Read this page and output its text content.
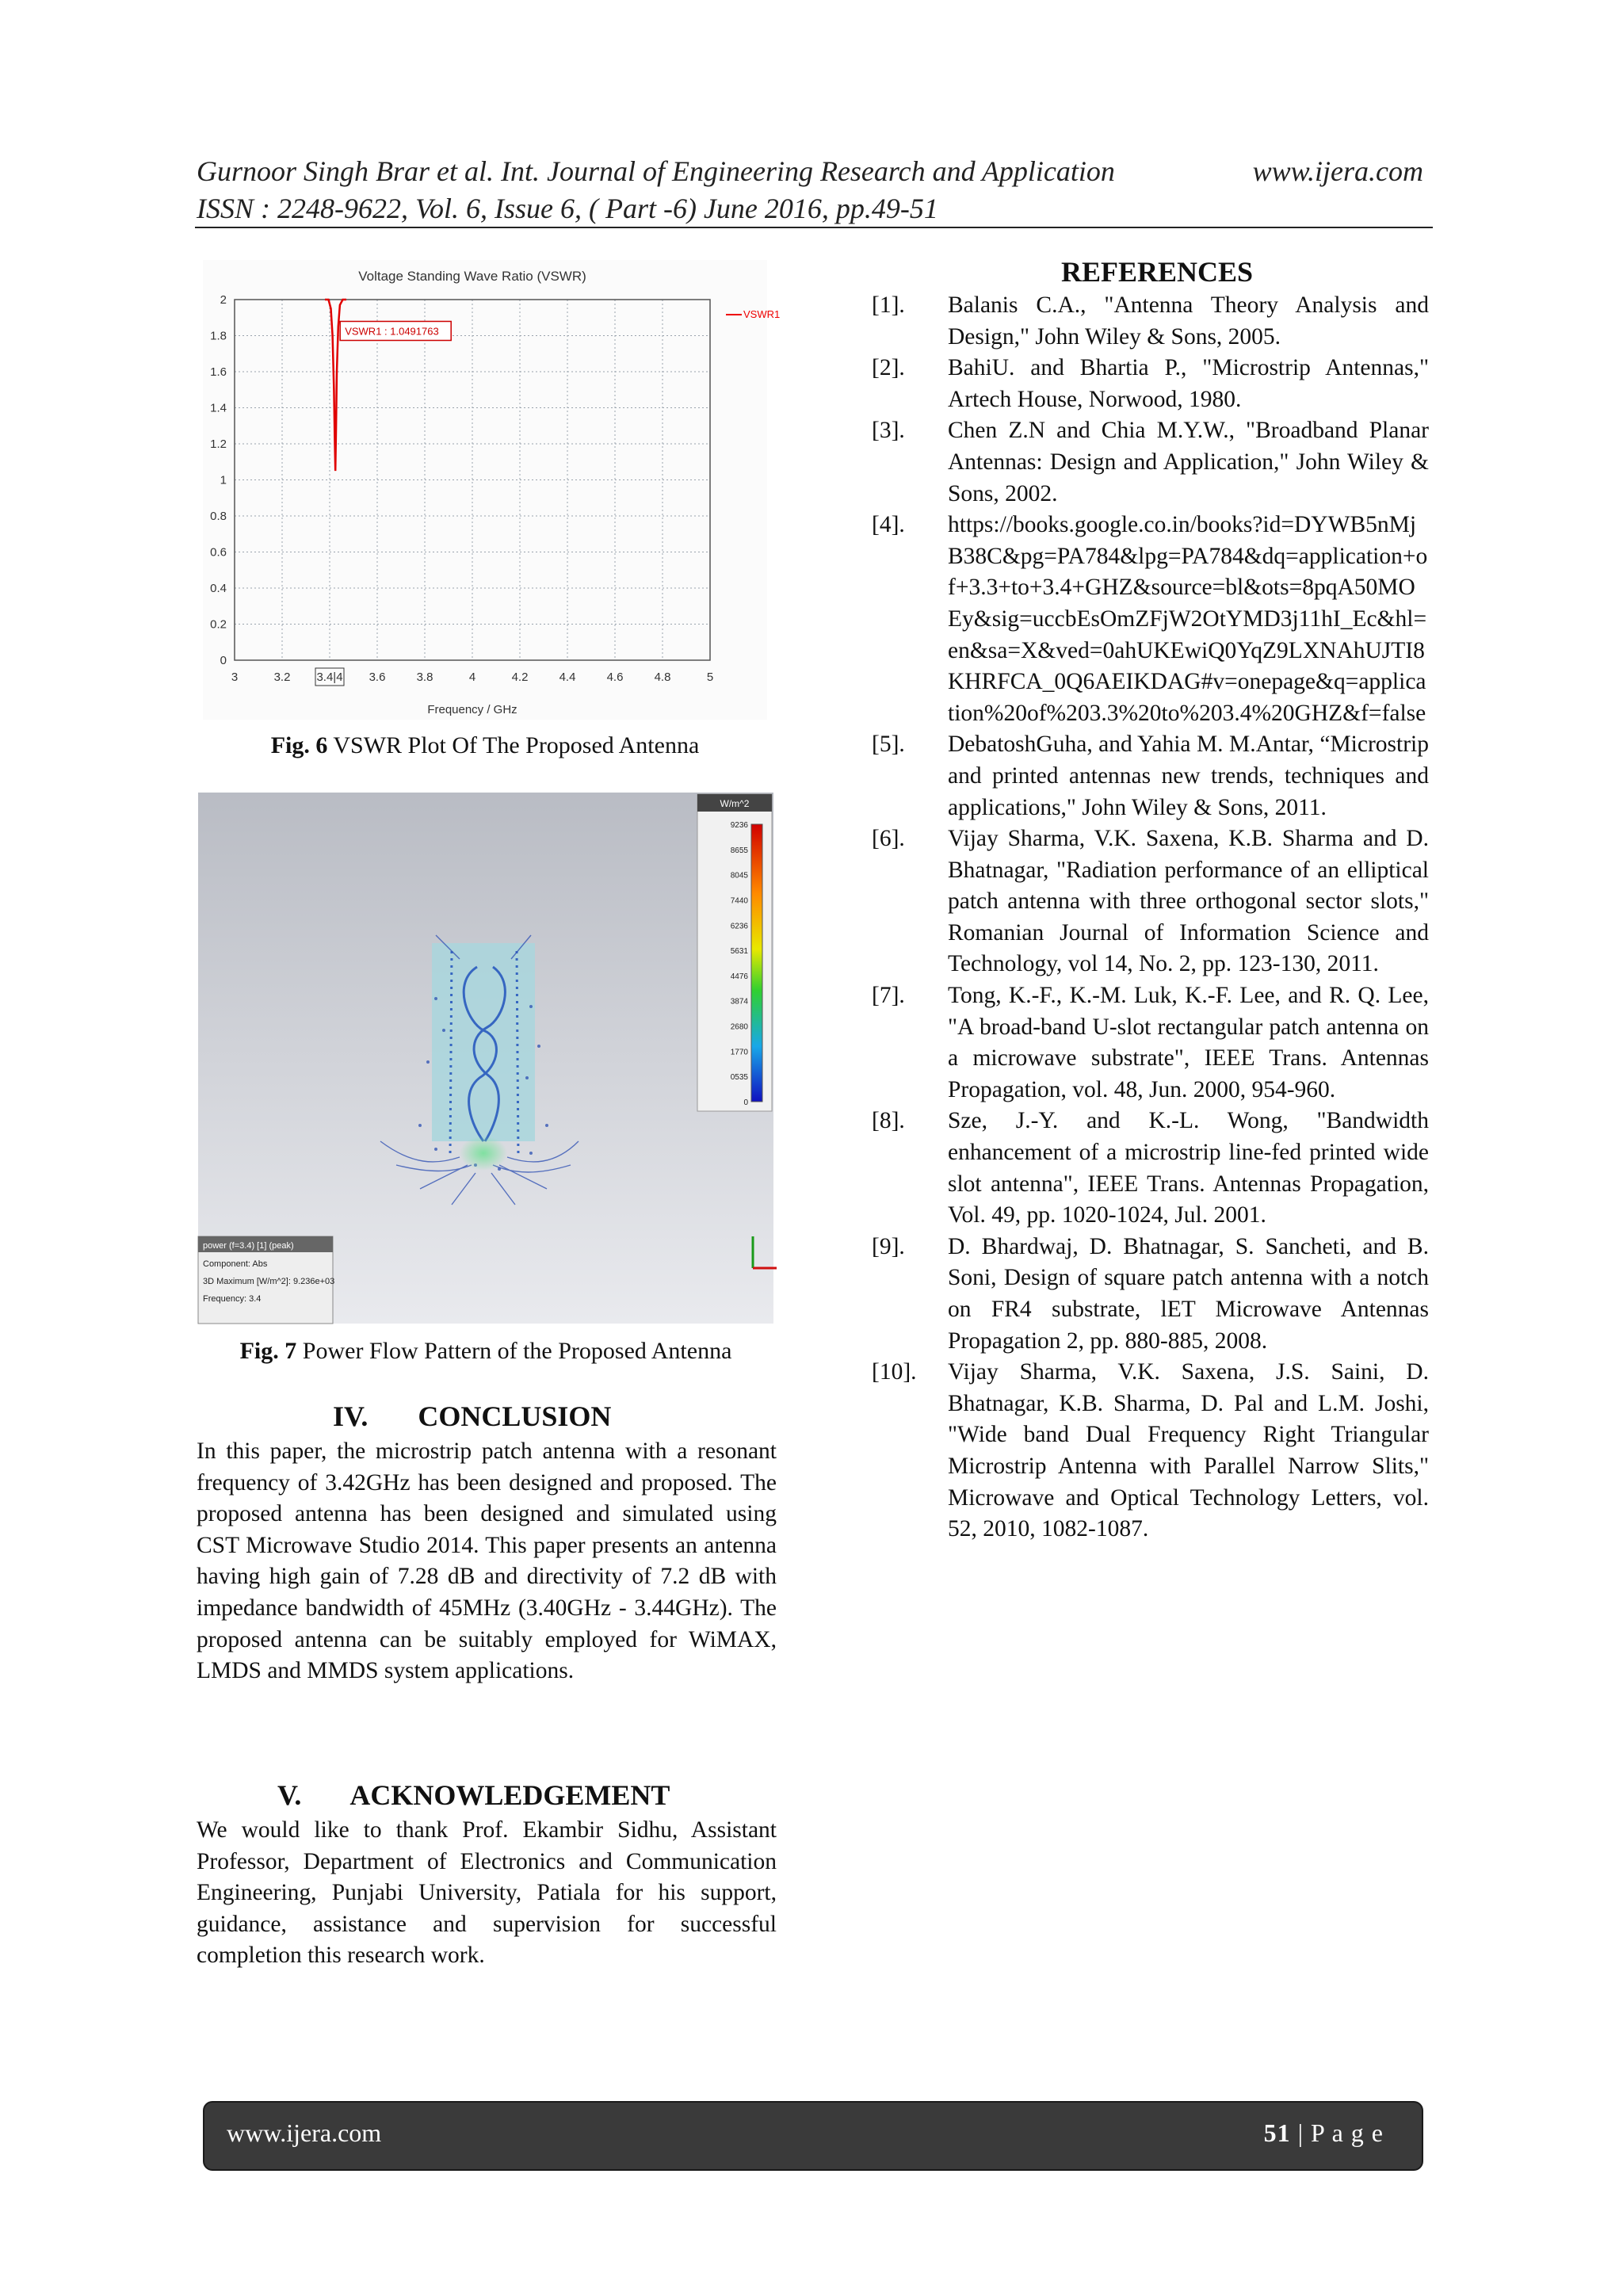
Gurnoor Singh Brar et al. Int. Journal of Engineering Research and Application
ISSN : 2248-9622, Vol. 6, Issue 6, ( Part -6) June 2016, pp.49-51
www.ijera.com
Voltage Standing Wave Ratio (VSWR)
3	3.2 3.4|4 3.6	3.8	4	4.2	4.4	4.6	4.8	5
0
0.2
0.4
0.6
0.8
1
1.2
1.4
1.6
1.8
2
VSWR1 : 1.0491763
VSWR1
Frequency / GHz
Fig. 6 VSWR Plot Of The Proposed Antenna
W/m^2
9236
8655
8045
7440
6236
5631
4476
3874
2680
1770
0535
0
power (f=3.4) [1] (peak)
Component: Abs
3D Maximum [W/m^2]: 9.236e+03
Frequency: 3.4
Fig. 7 Power Flow Pattern of the Proposed Antenna
IV.       CONCLUSION
In this paper, the microstrip patch antenna with a resonant frequency of 3.42GHz has been designed and proposed. The proposed antenna has been designed and simulated using CST Microwave Studio 2014. This paper presents an antenna having high gain of 7.28 dB and directivity of 7.2 dB with impedance bandwidth of 45MHz (3.40GHz - 3.44GHz). The proposed antenna can be suitably employed for WiMAX, LMDS and MMDS system applications.
V.       ACKNOWLEDGEMENT
We would like to thank Prof. Ekambir Sidhu, Assistant Professor, Department of Electronics and Communication Engineering, Punjabi University, Patiala for his support, guidance, assistance and supervision for successful completion this research work.
REFERENCES
[1].	Balanis C.A., "Antenna Theory Analysis and Design," John Wiley & Sons, 2005.
[2].	BahiU. and Bhartia P., "Microstrip Antennas," Artech House, Norwood, 1980.
[3].	Chen Z.N and Chia M.Y.W., "Broadband Planar Antennas: Design and Application," John Wiley & Sons, 2002.
[4].	https://books.google.co.in/books?id=DYWB5nMjB38C&pg=PA784&lpg=PA784&dq=application+of+3.3+to+3.4+GHZ&source=bl&ots=8pqA50MOEy&sig=uccbEsOmZFjW2OtYMD3j11hI_Ec&hl=en&sa=X&ved=0ahUKEwiQ0YqZ9LXNAhUJTI8KHRFCA_0Q6AEIKDAG#v=onepage&q=application%20of%203.3%20to%203.4%20GHZ&f=false
[5].	DebatoshGuha, and Yahia M. M.Antar, “Microstrip and printed antennas new trends, techniques and applications," John Wiley & Sons, 2011.
[6].	Vijay Sharma, V.K. Saxena, K.B. Sharma and D. Bhatnagar, "Radiation performance of an elliptical patch antenna with three orthogonal sector slots," Romanian Journal of Information Science and Technology, vol 14, No. 2, pp. 123-130, 2011.
[7].	Tong, K.-F., K.-M. Luk, K.-F. Lee, and R. Q. Lee, "A broad-band U-slot rectangular patch antenna on a microwave substrate", IEEE Trans. Antennas Propagation, vol. 48, Jun. 2000, 954-960.
[8].	Sze, J.-Y. and K.-L. Wong, "Bandwidth enhancement of a microstrip line-fed printed wide slot antenna", IEEE Trans. Antennas Propagation, Vol. 49, pp. 1020-1024, Jul. 2001.
[9].	D. Bhardwaj, D. Bhatnagar, S. Sancheti, and B. Soni, Design of square patch antenna with a notch on FR4 substrate, lET Microwave Antennas Propagation 2, pp. 880-885, 2008.
[10].	Vijay Sharma, V.K. Saxena, J.S. Saini, D. Bhatnagar, K.B. Sharma, D. Pal and L.M. Joshi, "Wide band Dual Frequency Right Triangular Microstrip Antenna with Parallel Narrow Slits," Microwave and Optical Technology Letters, vol. 52, 2010, 1082-1087.
www.ijera.com	51 | P a g e
